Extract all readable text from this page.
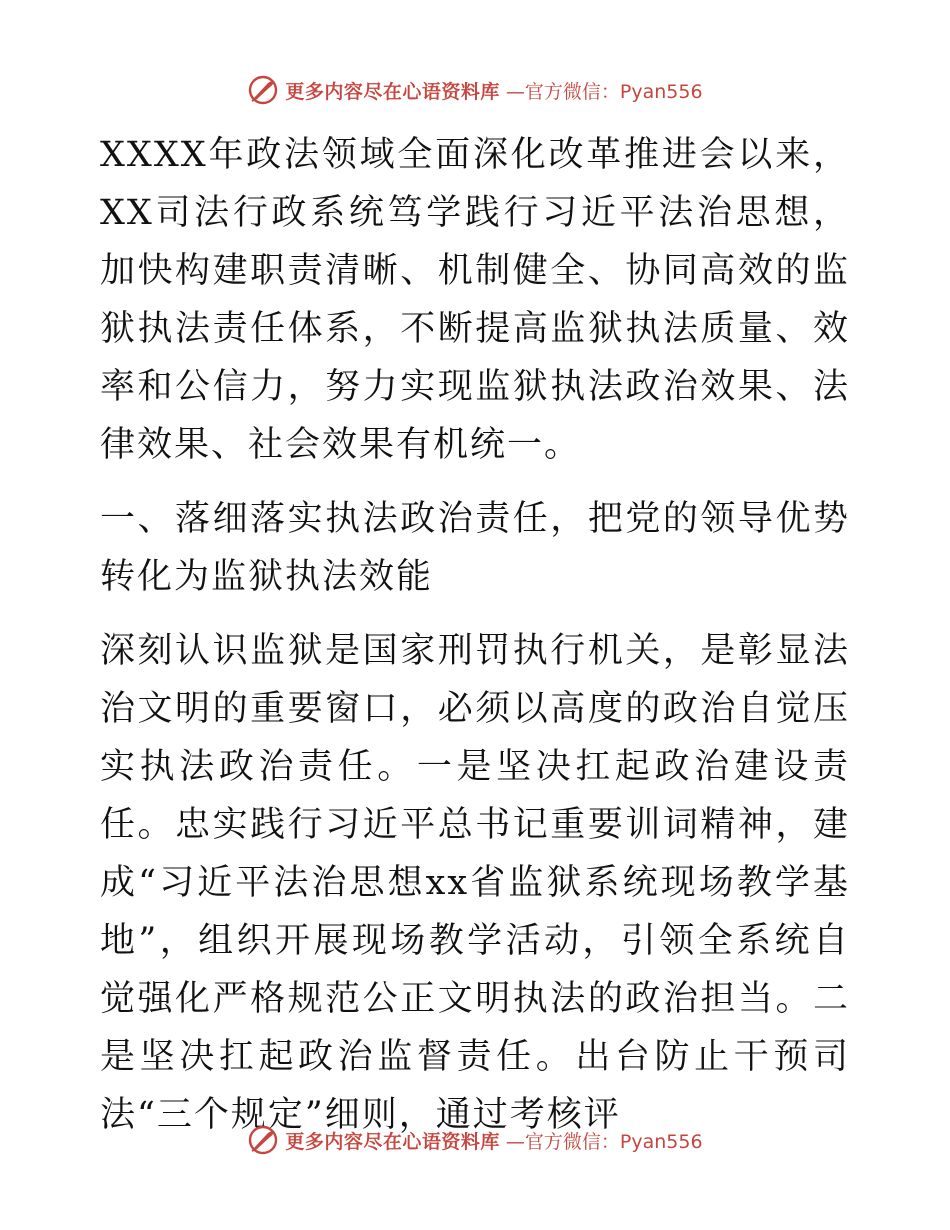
更多内容尽在心语资料库 —官方微信：Pyan556

XXXX年政法领域全面深化改革推进会以来，XX司法行政系统笃学践行习近平法治思想，加快构建职责清晰、机制健全、协同高效的监狱执法责任体系，不断提高监狱执法质量、效率和公信力，努力实现监狱执法政治效果、法律效果、社会效果有机统一。

一、落细落实执法政治责任，把党的领导优势转化为监狱执法效能

深刻认识监狱是国家刑罚执行机关，是彰显法治文明的重要窗口，必须以高度的政治自觉压实执法政治责任。一是坚决扛起政治建设责任。忠实践行习近平总书记重要训词精神，建成“习近平法治思想xx省监狱系统现场教学基地”，组织开展现场教学活动，引领全系统自觉强化严格规范公正文明执法的政治担当。二是坚决扛起政治监督责任。出台防止干预司法“三个规定”细则，通过考核评

更多内容尽在心语资料库 —官方微信：Pyan556
